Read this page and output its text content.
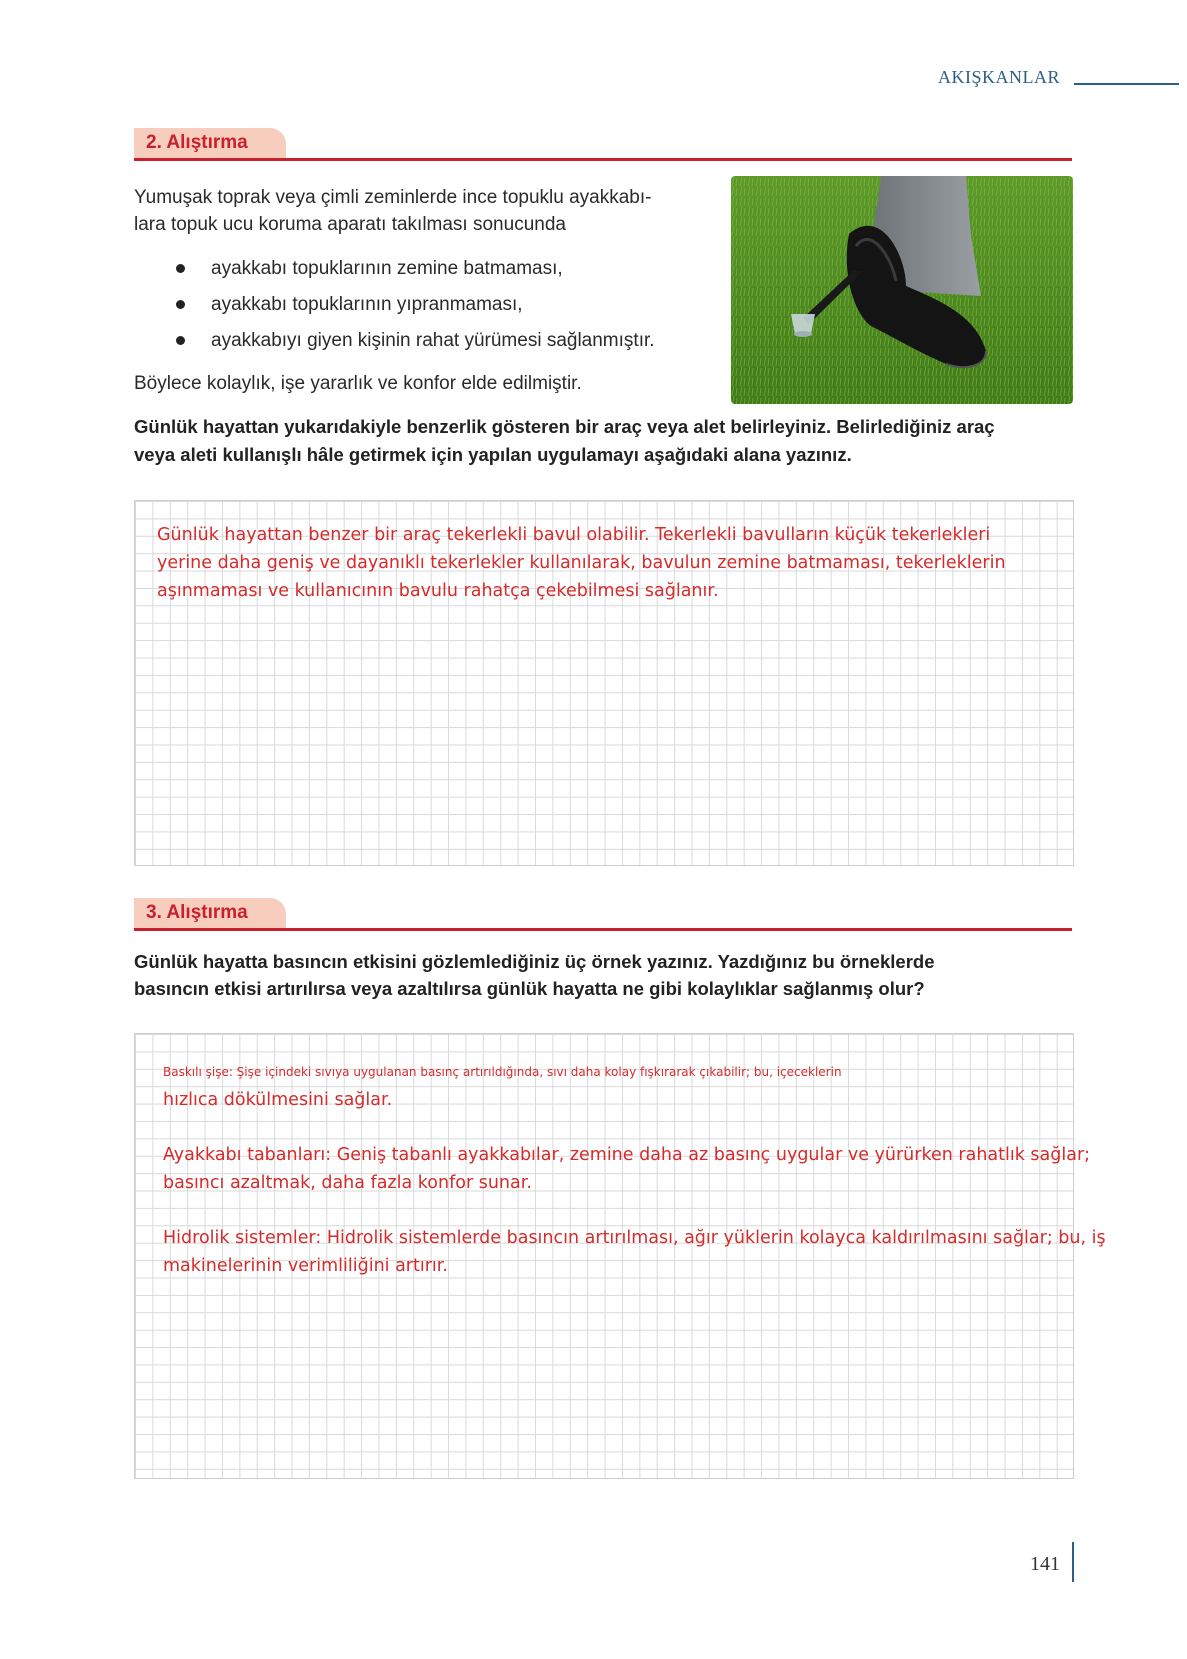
AKIŞKANLAR
2. Alıştırma
Yumuşak toprak veya çimli zeminlerde ince topuklu ayakkabı-
lara topuk ucu koruma aparatı takılması sonucunda
ayakkabı topuklarının zemine batmaması,
ayakkabı topuklarının yıpranmaması,
ayakkabıyı giyen kişinin rahat yürümesi sağlanmıştır.
Böylece kolaylık, işe yararlık ve konfor elde edilmiştir.
Günlük hayattan yukarıdakiyle benzerlik gösteren bir araç veya alet belirleyiniz. Belirlediğiniz araç
veya aleti kullanışlı hâle getirmek için yapılan uygulamayı aşağıdaki alana yazınız.
Günlük hayattan benzer bir araç tekerlekli bavul olabilir. Tekerlekli bavulların küçük tekerlekleri
yerine daha geniş ve dayanıklı tekerlekler kullanılarak, bavulun zemine batmaması, tekerleklerin
aşınmaması ve kullanıcının bavulu rahatça çekebilmesi sağlanır.
3. Alıştırma
Günlük hayatta basıncın etkisini gözlemlediğiniz üç örnek yazınız. Yazdığınız bu örneklerde
basıncın etkisi artırılırsa veya azaltılırsa günlük hayatta ne gibi kolaylıklar sağlanmış olur?
Baskılı şişe: Şişe içindeki sıvıya uygulanan basınç artırıldığında, sıvı daha kolay fışkırarak çıkabilir; bu, içeceklerin
hızlıca dökülmesini sağlar.
Ayakkabı tabanları: Geniş tabanlı ayakkabılar, zemine daha az basınç uygular ve yürürken rahatlık sağlar;
basıncı azaltmak, daha fazla konfor sunar.
Hidrolik sistemler: Hidrolik sistemlerde basıncın artırılması, ağır yüklerin kolayca kaldırılmasını sağlar; bu, iş
makinelerinin verimliliğini artırır.
141
